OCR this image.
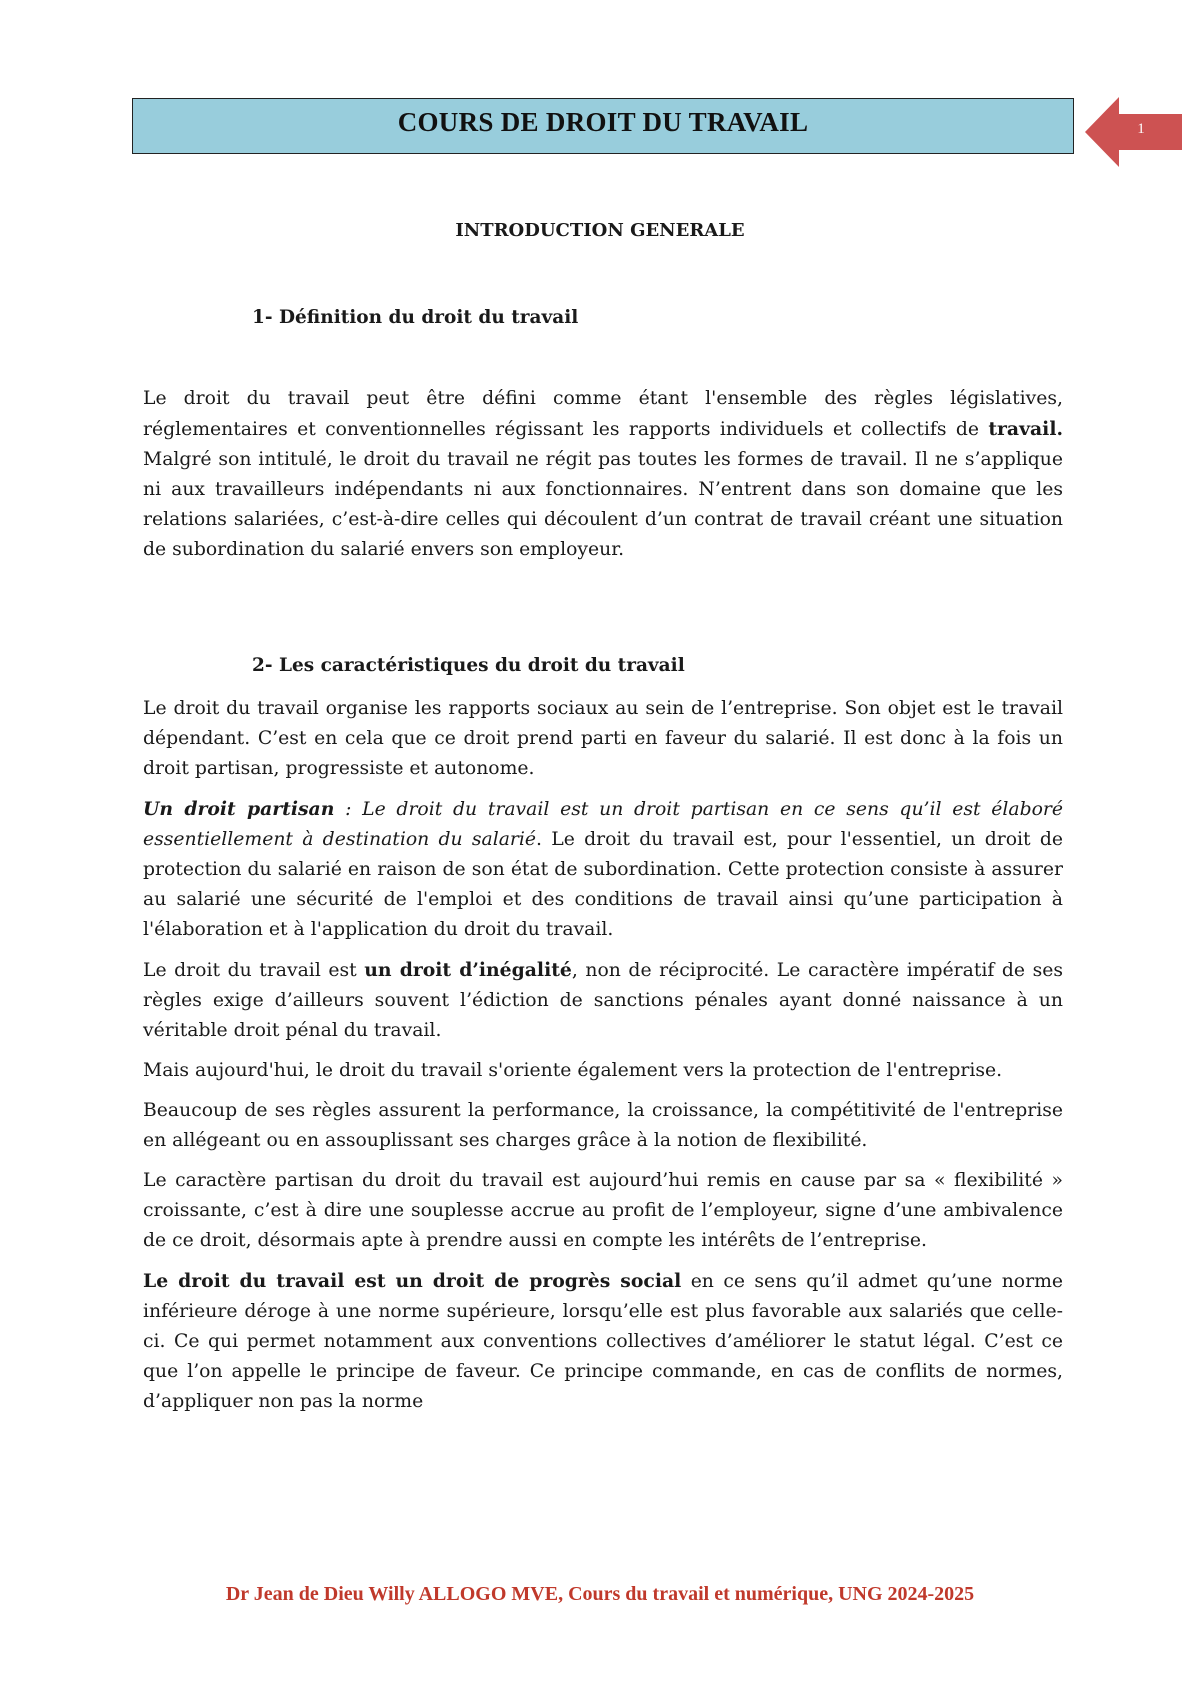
COURS DE DROIT DU TRAVAIL	1
INTRODUCTION GENERALE
1- Définition du droit du travail

Le droit du travail peut être défini comme étant l'ensemble des règles législatives, réglementaires et conventionnelles régissant les rapports individuels et collectifs de travail. Malgré son intitulé, le droit du travail ne régit pas toutes les formes de travail. Il ne s’applique ni aux travailleurs indépendants ni aux fonctionnaires. N’entrent dans son domaine que les relations salariées, c’est-à-dire celles qui découlent d’un contrat de travail créant une situation de subordination du salarié envers son employeur.

2- Les caractéristiques du droit du travail

Le droit du travail organise les rapports sociaux au sein de l’entreprise. Son objet est le travail dépendant. C’est en cela que ce droit prend parti en faveur du salarié. Il est donc à la fois un droit partisan, progressiste et autonome.

Un droit partisan : Le droit du travail est un droit partisan en ce sens qu’il est élaboré essentiellement à destination du salarié. Le droit du travail est, pour l'essentiel, un droit de protection du salarié en raison de son état de subordination. Cette protection consiste à assurer au salarié une sécurité de l'emploi et des conditions de travail ainsi qu’une participation à l'élaboration et à l'application du droit du travail.

Le droit du travail est un droit d’inégalité, non de réciprocité. Le caractère impératif de ses règles exige d’ailleurs souvent l’édiction de sanctions pénales ayant donné naissance à un véritable droit pénal du travail.

Mais aujourd'hui, le droit du travail s'oriente également vers la protection de l'entreprise.

Beaucoup de ses règles assurent la performance, la croissance, la compétitivité de l'entreprise en allégeant ou en assouplissant ses charges grâce à la notion de flexibilité.

Le caractère partisan du droit du travail est aujourd’hui remis en cause par sa « flexibilité » croissante, c’est à dire une souplesse accrue au profit de l’employeur, signe d’une ambivalence de ce droit, désormais apte à prendre aussi en compte les intérêts de l’entreprise.

Le droit du travail est un droit de progrès social en ce sens qu’il admet qu’une norme inférieure déroge à une norme supérieure, lorsqu’elle est plus favorable aux salariés que celle-ci. Ce qui permet notamment aux conventions collectives d’améliorer le statut légal. C’est ce que l’on appelle le principe de faveur. Ce principe commande, en cas de conflits de normes, d’appliquer non pas la norme

Dr Jean de Dieu Willy ALLOGO MVE, Cours du travail et numérique, UNG 2024-2025
